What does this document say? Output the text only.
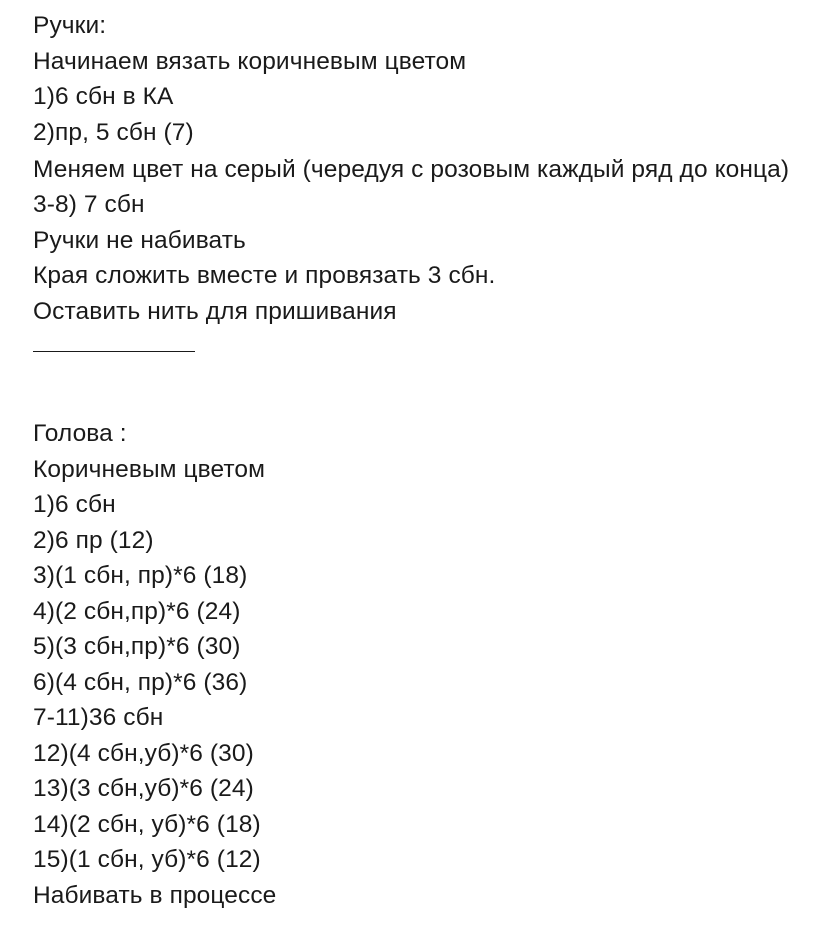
Ручки:
Начинаем вязать коричневым цветом
1)6 сбн в КА
2)пр, 5 сбн (7)
Меняем цвет на серый (чередуя с розовым каждый ряд до конца)
3-8) 7 сбн
Ручки не набивать
Края сложить вместе и провязать 3 сбн.
Оставить нить для пришивания
Голова :
Коричневым цветом
1)6 сбн
2)6 пр (12)
3)(1 сбн, пр)*6 (18)
4)(2 сбн,пр)*6 (24)
5)(3 сбн,пр)*6 (30)
6)(4 сбн, пр)*6 (36)
7-11)36 сбн
12)(4 сбн,уб)*6 (30)
13)(3 сбн,уб)*6 (24)
14)(2 сбн, уб)*6 (18)
15)(1 сбн, уб)*6 (12)
Набивать в процессе
